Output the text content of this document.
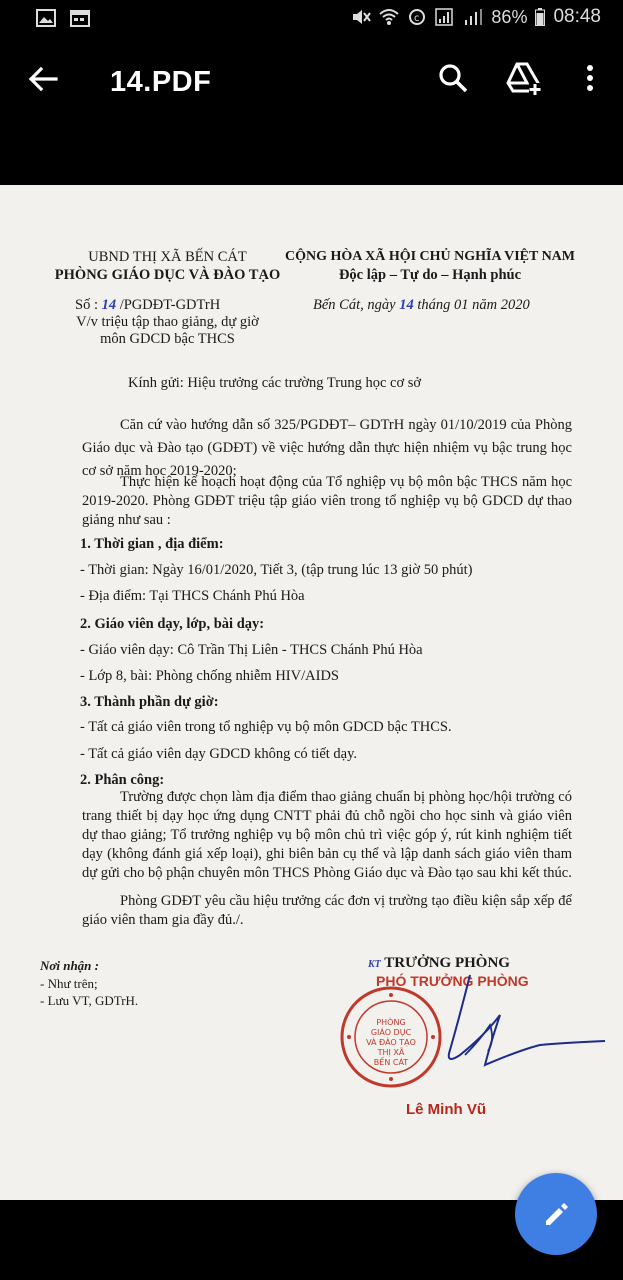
c	86% 08:48
14.PDF
UBND THỊ XÃ BẾN CÁT
PHÒNG GIÁO DỤC VÀ ĐÀO TẠO
Số : 14 /PGDĐT-GDTrH
V/v triệu tập thao giảng, dự giờ
môn GDCD bậc THCS
CỘNG HÒA XÃ HỘI CHỦ NGHĨA VIỆT NAM
Độc lập – Tự do – Hạnh phúc
Bến Cát, ngày 14 tháng 01 năm 2020
Kính gửi: Hiệu trưởng các trường Trung học cơ sở
Căn cứ vào hướng dẫn số 325/PGDĐT– GDTrH ngày 01/10/2019 của Phòng Giáo dục và Đào tạo (GDĐT) về việc hướng dẫn thực hiện nhiệm vụ bậc trung học cơ sở năm học 2019-2020;
Thực hiện kế hoạch hoạt động của Tổ nghiệp vụ bộ môn bậc THCS năm học 2019-2020. Phòng GDĐT triệu tập giáo viên trong tổ nghiệp vụ bộ GDCD dự thao giảng như sau :
1. Thời gian , địa điểm:
- Thời gian: Ngày 16/01/2020, Tiết 3, (tập trung lúc 13 giờ 50 phút)
- Địa điểm: Tại THCS Chánh Phú Hòa
2. Giáo viên dạy, lớp, bài dạy:
- Giáo viên dạy: Cô Trần Thị Liên - THCS Chánh Phú Hòa
- Lớp 8, bài: Phòng chống nhiễm HIV/AIDS
3. Thành phần dự giờ:
- Tất cả giáo viên trong tổ nghiệp vụ bộ môn GDCD bậc THCS.
- Tất cả giáo viên dạy GDCD không có tiết dạy.
2. Phân công:
Trường được chọn làm địa điểm thao giảng chuẩn bị phòng học/hội trường có trang thiết bị dạy học ứng dụng CNTT phải đủ chỗ ngồi cho học sinh và giáo viên dự thao giảng; Tổ trưởng nghiệp vụ bộ môn chủ trì việc góp ý, rút kinh nghiệm tiết dạy (không đánh giá xếp loại), ghi biên bản cụ thể và lập danh sách giáo viên tham dự gửi cho bộ phận chuyên môn THCS Phòng Giáo dục và Đào tạo sau khi kết thúc.
Phòng GDĐT yêu cầu hiệu trưởng các đơn vị trường tạo điều kiện sắp xếp để giáo viên tham gia đầy đủ./.
Nơi nhận :
- Như trên;
- Lưu VT, GDTrH.
KT TRƯỞNG PHÒNG
PHÓ TRƯỞNG PHÒNG
PHÒNG
GIÁO DỤC
VÀ ĐÀO TẠO
THỊ XÃ
BẾN CÁT
Lê Minh Vũ
